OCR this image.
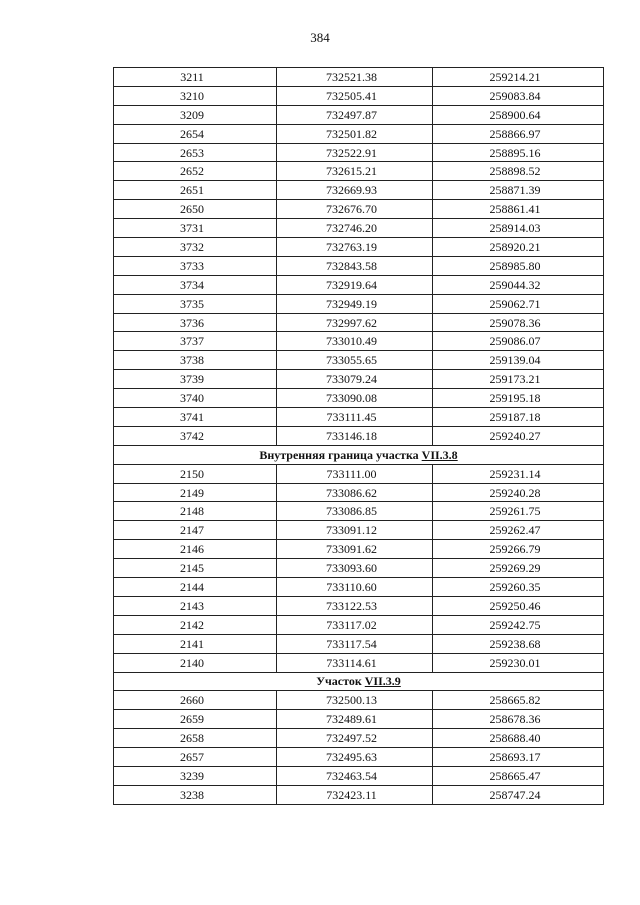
384
3211	732521.38	259214.21
3210	732505.41	259083.84
3209	732497.87	258900.64
2654	732501.82	258866.97
2653	732522.91	258895.16
2652	732615.21	258898.52
2651	732669.93	258871.39
2650	732676.70	258861.41
3731	732746.20	258914.03
3732	732763.19	258920.21
3733	732843.58	258985.80
3734	732919.64	259044.32
3735	732949.19	259062.71
3736	732997.62	259078.36
3737	733010.49	259086.07
3738	733055.65	259139.04
3739	733079.24	259173.21
3740	733090.08	259195.18
3741	733111.45	259187.18
3742	733146.18	259240.27
Внутренняя граница участка VII.3.8		
2150	733111.00	259231.14
2149	733086.62	259240.28
2148	733086.85	259261.75
2147	733091.12	259262.47
2146	733091.62	259266.79
2145	733093.60	259269.29
2144	733110.60	259260.35
2143	733122.53	259250.46
2142	733117.02	259242.75
2141	733117.54	259238.68
2140	733114.61	259230.01
Участок VII.3.9		
2660	732500.13	258665.82
2659	732489.61	258678.36
2658	732497.52	258688.40
2657	732495.63	258693.17
3239	732463.54	258665.47
3238	732423.11	258747.24
